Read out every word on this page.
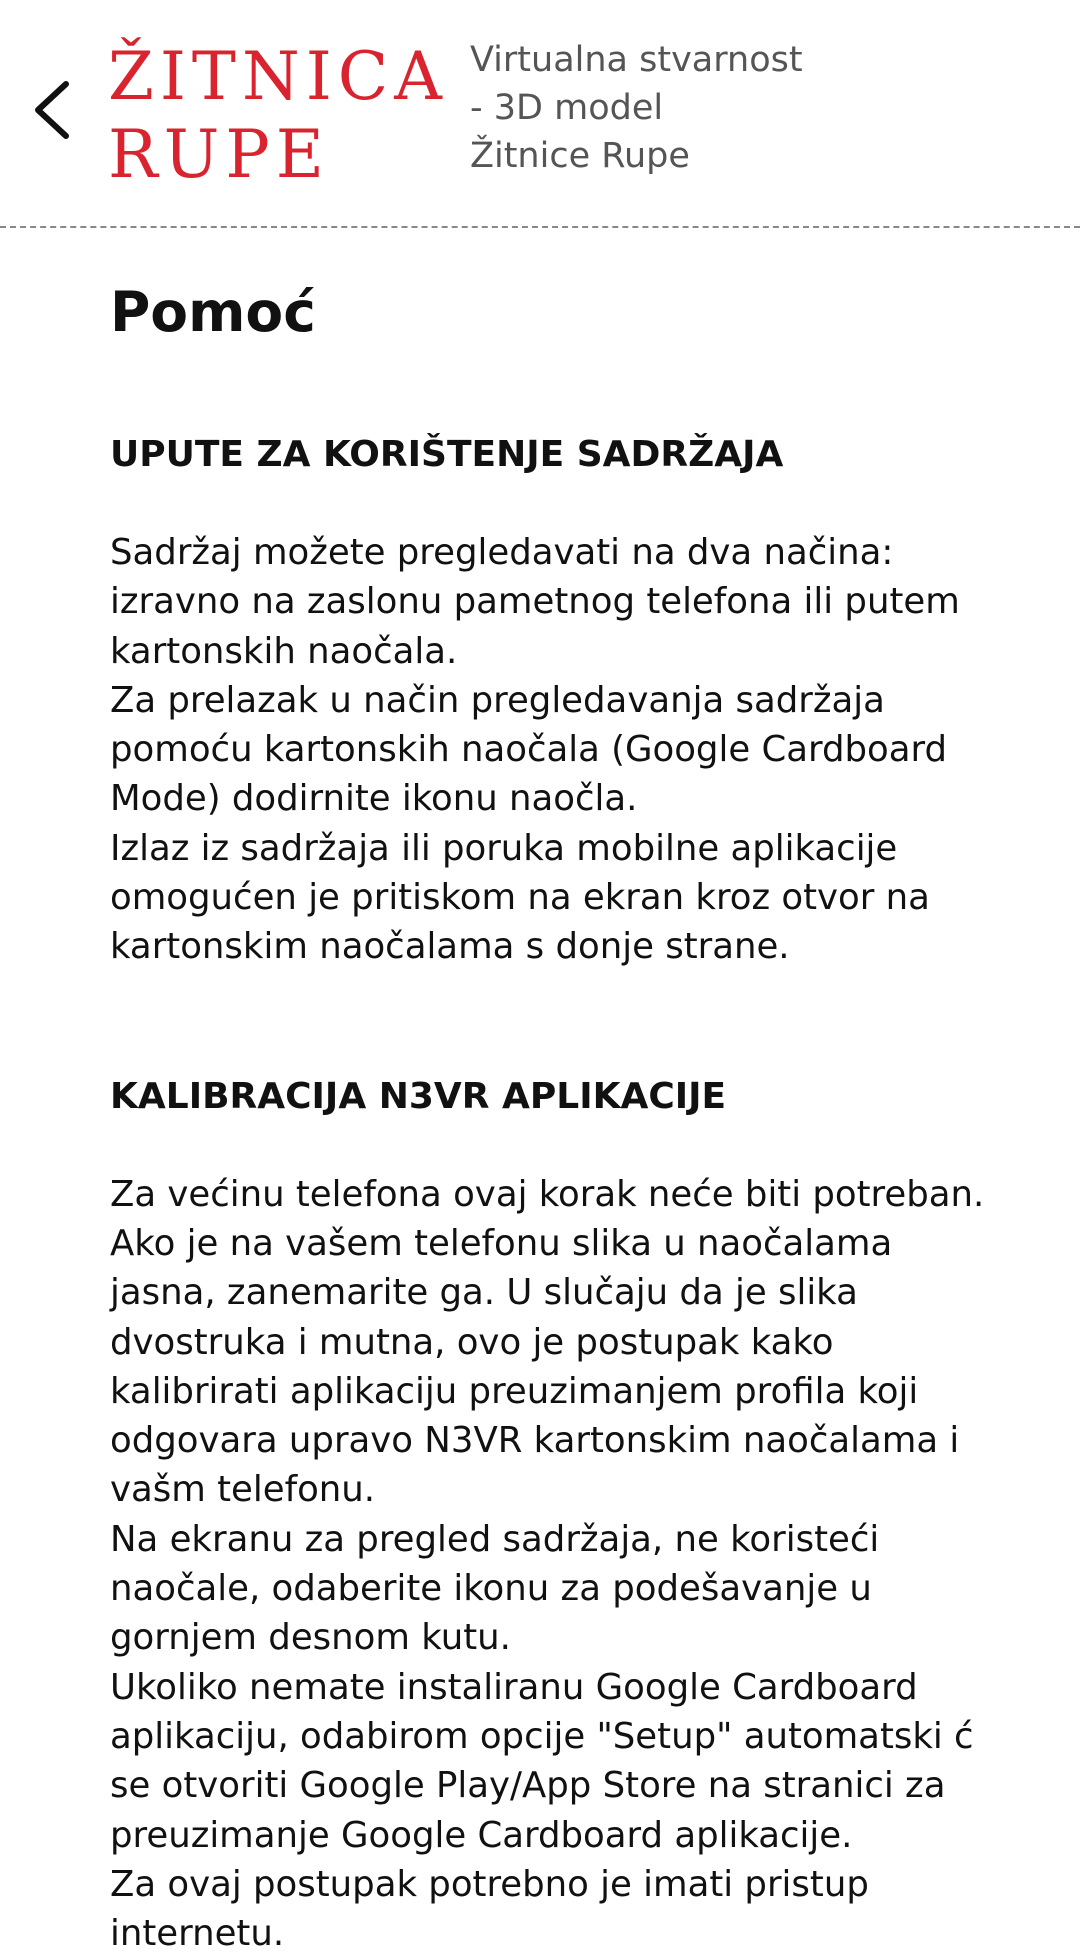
ŽITNICA
RUPE
Virtualna stvarnost
- 3D model
Žitnice Rupe
Pomoć
UPUTE ZA KORIŠTENJE SADRŽAJA

Sadržaj možete pregledavati na dva načina: izravno na zaslonu pametnog telefona ili putem kartonskih naočala.

Za prelazak u način pregledavanja sadržaja pomoću kartonskih naočala (Google Cardboard Mode) dodirnite ikonu naočla.

Izlaz iz sadržaja ili poruka mobilne aplikacije omogućen je pritiskom na ekran kroz otvor na kartonskim naočalama s donje strane.

KALIBRACIJA N3VR APLIKACIJE

Za većinu telefona ovaj korak neće biti potreban. Ako je na vašem telefonu slika u naočalama jasna, zanemarite ga. U slučaju da je slika dvostruka i mutna, ovo je postupak kako kalibrirati aplikaciju preuzimanjem profila koji odgovara upravo N3VR kartonskim naočalama i vašm telefonu.

Na ekranu za pregled sadržaja, ne koristeći naočale, odaberite ikonu za podešavanje u gornjem desnom kutu.

Ukoliko nemate instaliranu Google Cardboard aplikaciju, odabirom opcije "Setup" automatski ć se otvoriti Google Play/App Store na stranici za preuzimanje Google Cardboard aplikacije.

Za ovaj postupak potrebno je imati pristup internetu.
